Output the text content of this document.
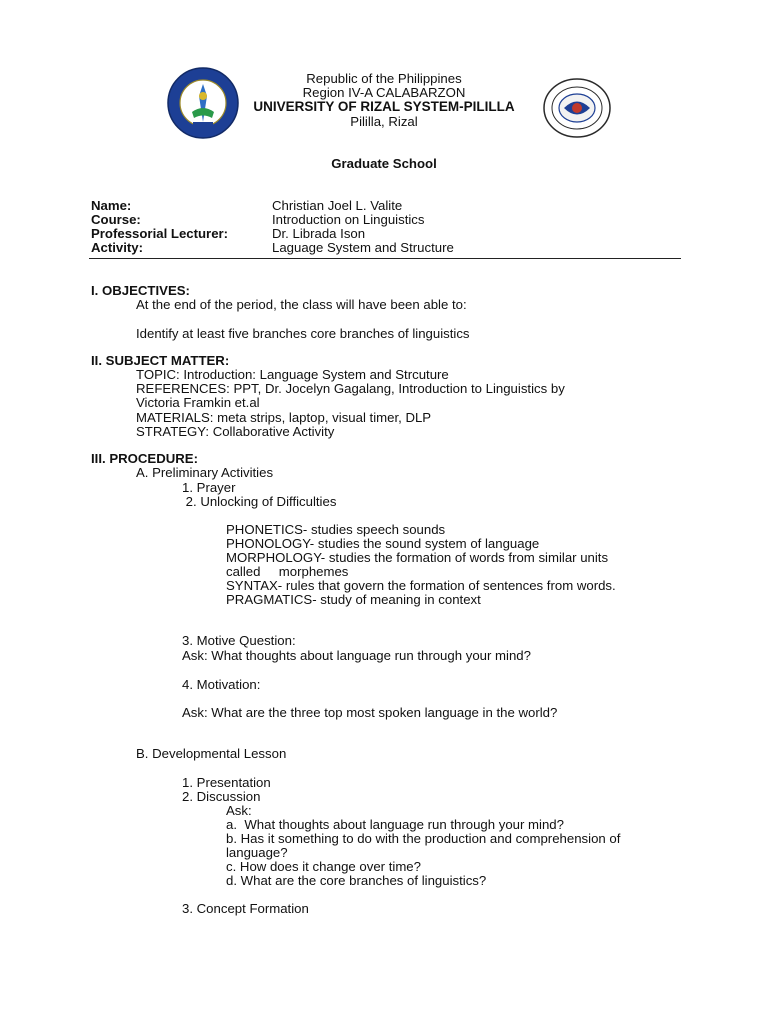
Republic of the Philippines
Region IV-A CALABARZON
UNIVERSITY OF RIZAL SYSTEM-PILILLA
Pililla, Rizal
Graduate School
Name:	Christian Joel L. Valite
Course:	Introduction on Linguistics
Professorial Lecturer:	Dr. Librada Ison
Activity:	Laguage System and Structure
I. OBJECTIVES:
At the end of the period, the class will have been able to:
Identify at least five branches core branches of linguistics
II. SUBJECT MATTER:
TOPIC: Introduction: Language System and Strcuture
REFERENCES: PPT, Dr. Jocelyn Gagalang, Introduction to Linguistics by
Victoria Framkin et.al
MATERIALS: meta strips, laptop, visual timer, DLP
STRATEGY: Collaborative Activity
III. PROCEDURE:
A. Preliminary Activities
1. Prayer
2. Unlocking of Difficulties
PHONETICS- studies speech sounds
PHONOLOGY- studies the sound system of language
MORPHOLOGY- studies the formation of words from similar units
called     morphemes
SYNTAX- rules that govern the formation of sentences from words.
PRAGMATICS- study of meaning in context
3. Motive Question:
Ask: What thoughts about language run through your mind?
4. Motivation:
Ask: What are the three top most spoken language in the world?
B. Developmental Lesson
1. Presentation
2. Discussion
Ask:
a.  What thoughts about language run through your mind?
b. Has it something to do with the production and comprehension of
language?
c. How does it change over time?
d. What are the core branches of linguistics?
3. Concept Formation
